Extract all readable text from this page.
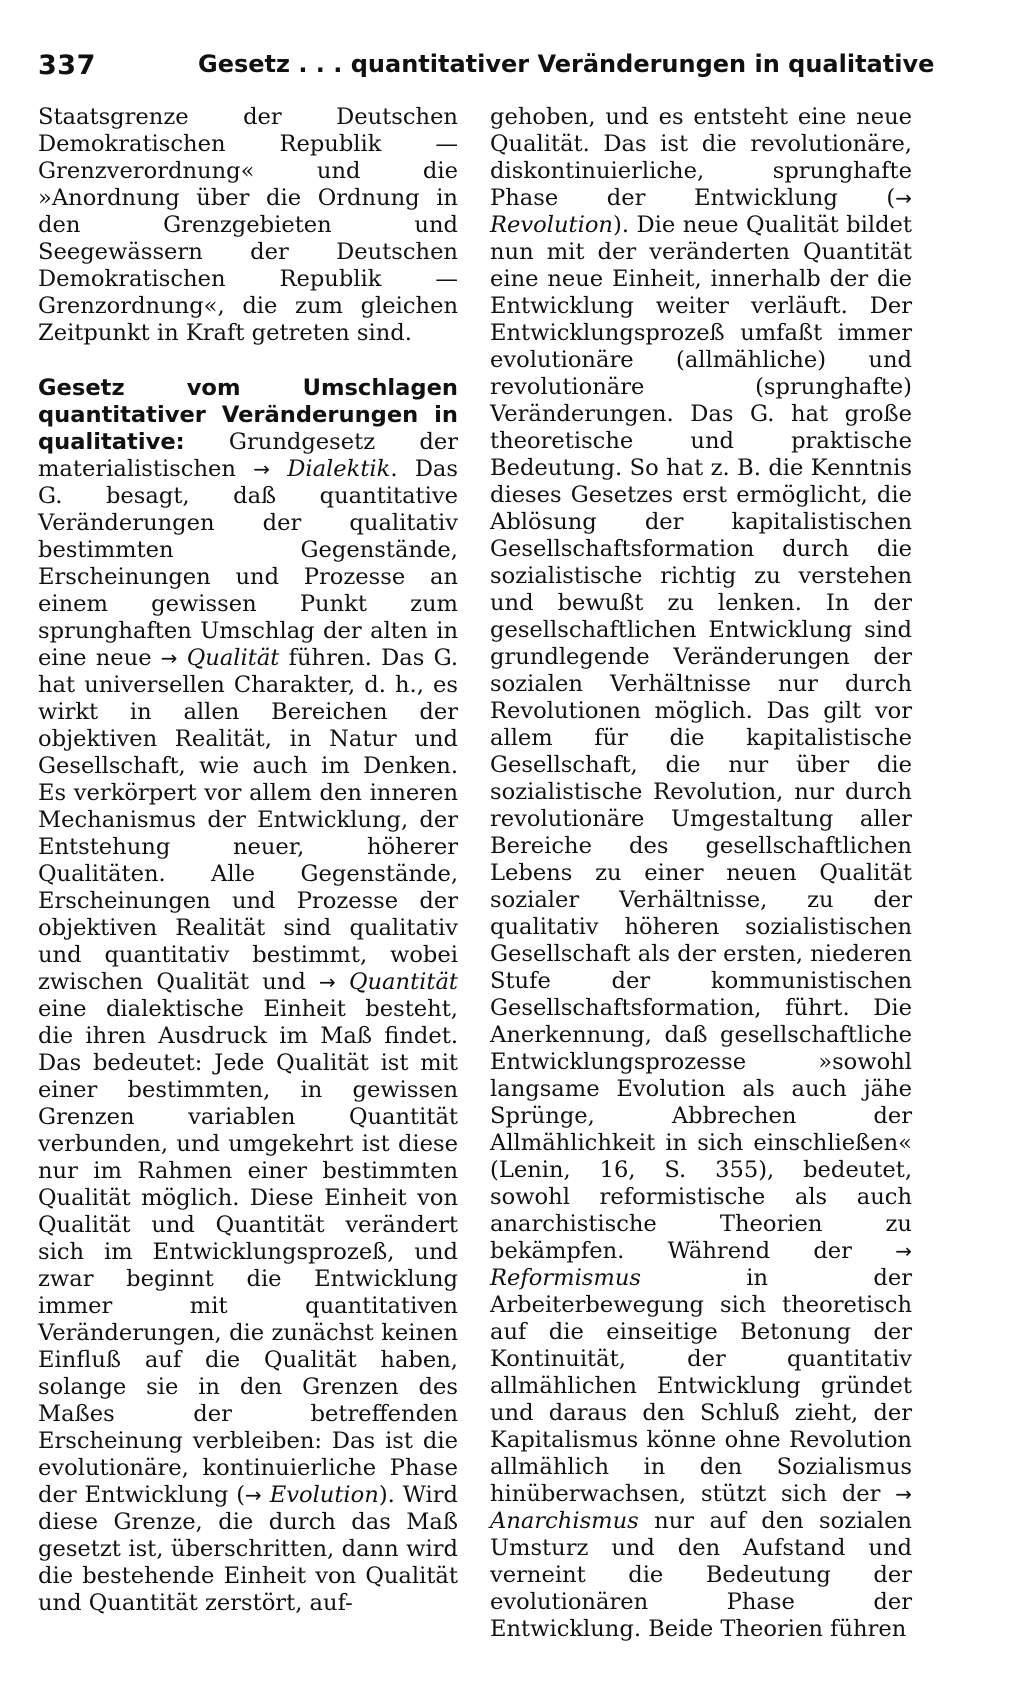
337	Gesetz . . . quantitativer Veränderungen in qualitative

Staatsgrenze der Deutschen Demokratischen Republik — Grenzverordnung« und die »Anordnung über die Ordnung in den Grenzgebieten und Seegewässern der Deutschen Demokratischen Republik — Grenzordnung«, die zum gleichen Zeitpunkt in Kraft getreten sind.

Gesetz vom Umschlagen quantitativer Veränderungen in qualitative: Grundgesetz der materialistischen → Dialektik. Das G. besagt, daß quantitative Veränderungen der qualitativ bestimmten Gegenstände, Erscheinungen und Prozesse an einem gewissen Punkt zum sprunghaften Umschlag der alten in eine neue → Qualität führen. Das G. hat universellen Charakter, d. h., es wirkt in allen Bereichen der objektiven Realität, in Natur und Gesellschaft, wie auch im Denken. Es verkörpert vor allem den inneren Mechanismus der Entwicklung, der Entstehung neuer, höherer Qualitäten. Alle Gegenstände, Erscheinungen und Prozesse der objektiven Realität sind qualitativ und quantitativ bestimmt, wobei zwischen Qualität und → Quantität eine dialektische Einheit besteht, die ihren Ausdruck im Maß findet. Das bedeutet: Jede Qualität ist mit einer bestimmten, in gewissen Grenzen variablen Quantität verbunden, und umgekehrt ist diese nur im Rahmen einer bestimmten Qualität möglich. Diese Einheit von Qualität und Quantität verändert sich im Entwicklungsprozeß, und zwar beginnt die Entwicklung immer mit quantitativen Veränderungen, die zunächst keinen Einfluß auf die Qualität haben, solange sie in den Grenzen des Maßes der betreffenden Erscheinung verbleiben: Das ist die evolutionäre, kontinuierliche Phase der Entwicklung (→ Evolution). Wird diese Grenze, die durch das Maß gesetzt ist, überschritten, dann wird die bestehende Einheit von Qualität und Quantität zerstört, auf-

gehoben, und es entsteht eine neue Qualität. Das ist die revolutionäre, diskontinuierliche, sprunghafte Phase der Entwicklung (→ Revolution). Die neue Qualität bildet nun mit der veränderten Quantität eine neue Einheit, innerhalb der die Entwicklung weiter verläuft. Der Entwicklungsprozeß umfaßt immer evolutionäre (allmähliche) und revolutionäre (sprunghafte) Veränderungen. Das G. hat große theoretische und praktische Bedeutung. So hat z. B. die Kenntnis dieses Gesetzes erst ermöglicht, die Ablösung der kapitalistischen Gesellschaftsformation durch die sozialistische richtig zu verstehen und bewußt zu lenken. In der gesellschaftlichen Entwicklung sind grundlegende Veränderungen der sozialen Verhältnisse nur durch Revolutionen möglich. Das gilt vor allem für die kapitalistische Gesellschaft, die nur über die sozialistische Revolution, nur durch revolutionäre Umgestaltung aller Bereiche des gesellschaftlichen Lebens zu einer neuen Qualität sozialer Verhältnisse, zu der qualitativ höheren sozialistischen Gesellschaft als der ersten, niederen Stufe der kommunistischen Gesellschaftsformation, führt. Die Anerkennung, daß gesellschaftliche Entwicklungsprozesse »sowohl langsame Evolution als auch jähe Sprünge, Abbrechen der Allmählichkeit in sich einschließen« (Lenin, 16, S. 355), bedeutet, sowohl reformistische als auch anarchistische Theorien zu bekämpfen. Während der → Reformismus in der Arbeiterbewegung sich theoretisch auf die einseitige Betonung der Kontinuität, der quantitativ allmählichen Entwicklung gründet und daraus den Schluß zieht, der Kapitalismus könne ohne Revolution allmählich in den Sozialismus hinüberwachsen, stützt sich der → Anarchismus nur auf den sozialen Umsturz und den Aufstand und verneint die Bedeutung der evolutionären Phase der Entwicklung. Beide Theorien führen
